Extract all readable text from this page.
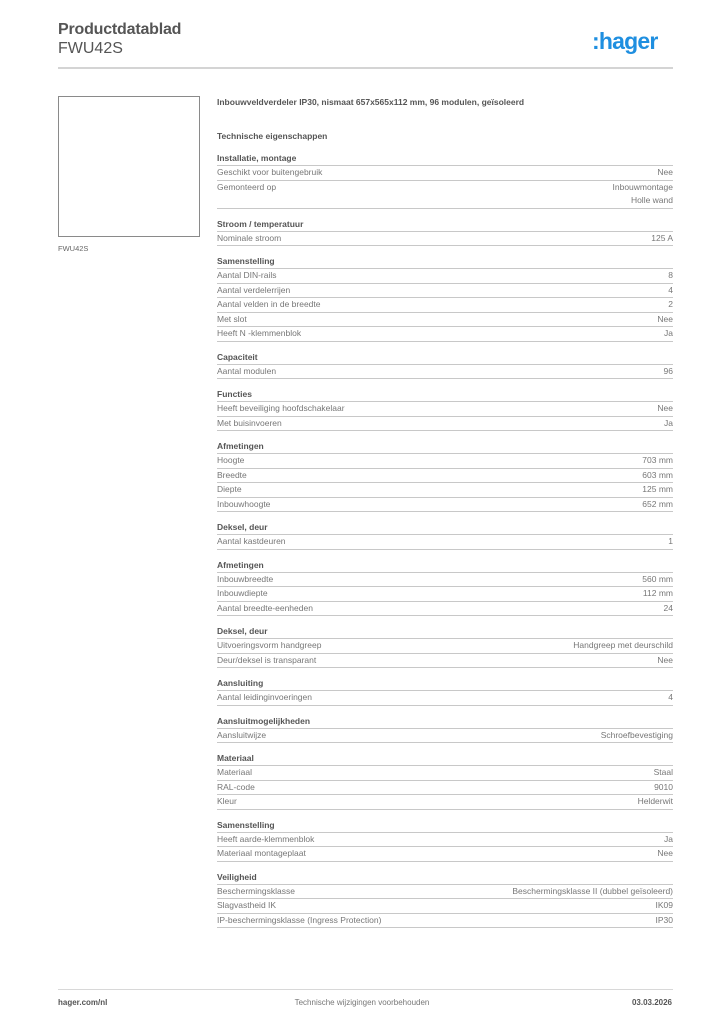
Productdatablad
FWU42S	:hager
FWU42S
Inbouwveldverdeler IP30, nismaat 657x565x112 mm, 96 modulen, geïsoleerd
Technische eigenschappen
Installatie, montage
Geschikt voor buitengebruik	Nee
Gemonteerd op	Inbouwmontage
Holle wand
Stroom / temperatuur
Nominale stroom	125 A
Samenstelling
Aantal DIN-rails	8
Aantal verdelerrijen	4
Aantal velden in de breedte	2
Met slot	Nee
Heeft N -klemmenblok	Ja
Capaciteit
Aantal modulen	96
Functies
Heeft beveiliging hoofdschakelaar	Nee
Met buisinvoeren	Ja
Afmetingen
Hoogte	703 mm
Breedte	603 mm
Diepte	125 mm
Inbouwhoogte	652 mm
Deksel, deur
Aantal kastdeuren	1
Afmetingen
Inbouwbreedte	560 mm
Inbouwdiepte	112 mm
Aantal breedte-eenheden	24
Deksel, deur
Uitvoeringsvorm handgreep	Handgreep met deurschild
Deur/deksel is transparant	Nee
Aansluiting
Aantal leidinginvoeringen	4
Aansluitmogelijkheden
Aansluitwijze	Schroefbevestiging
Materiaal
Materiaal	Staal
RAL-code	9010
Kleur	Helderwit
Samenstelling
Heeft aarde-klemmenblok	Ja
Materiaal montageplaat	Nee
Veiligheid
Beschermingsklasse	Beschermingsklasse II (dubbel geïsoleerd)
Slagvastheid IK	IK09
IP-beschermingsklasse (Ingress Protection)	IP30
hager.com/nl	Technische wijzigingen voorbehouden	03.03.2026
